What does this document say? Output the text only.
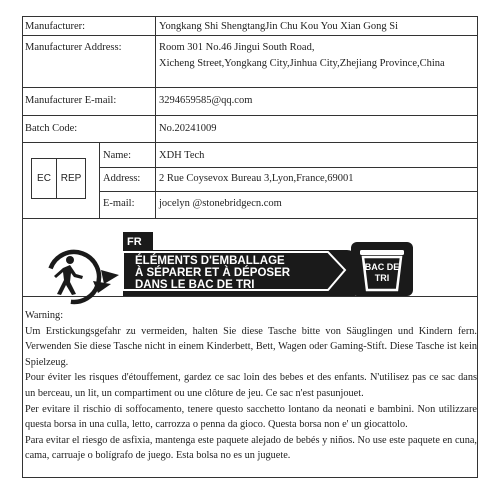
Manufacturer:	Yongkang Shi ShengtangJin Chu Kou You Xian Gong Si
Manufacturer Address:	Room 301 No.46 Jingui South Road,
Xicheng Street,Yongkang City,Jinhua City,Zhejiang Province,China
Manufacturer E-mail:	3294659585@qq.com
Batch Code:	No.20241009
EC REP
Name:	XDH Tech
Address: 2 Rue Coysevox Bureau 3,Lyon,France,69001
E-mail: jocelyn @stonebridgecn.com
FR
ÉLÉMENTS D'EMBALLAGE
À SÉPARER ET À DÉPOSER
DANS LE BAC DE TRI
BAC DE
TRI

Warning:

Um Erstickungsgefahr zu vermeiden, halten Sie diese Tasche bitte von Säuglingen und Kindern fern. Verwenden Sie diese Tasche nicht in einem Kinderbett, Bett, Wagen oder Gaming-Stift. Diese Tasche ist kein Spielzeug.

Pour éviter les risques d'étouffement, gardez ce sac loin des bebes et des enfants. N'utilisez pas ce sac dans un berceau, un lit, un compartiment ou une clôture de jeu. Ce sac n'est pasunjouet.

Per evitare il rischio di soffocamento, tenere questo sacchetto lontano da neonati e bambini. Non utilizzare questa borsa in una culla, letto, carrozza o penna da gioco. Questa borsa non e' un giocattolo.

Para evitar el riesgo de asfixia, mantenga este paquete alejado de bebés y niños. No use este paquete en cuna, cama, carruaje o bolígrafo de juego. Esta bolsa no es un juguete.
